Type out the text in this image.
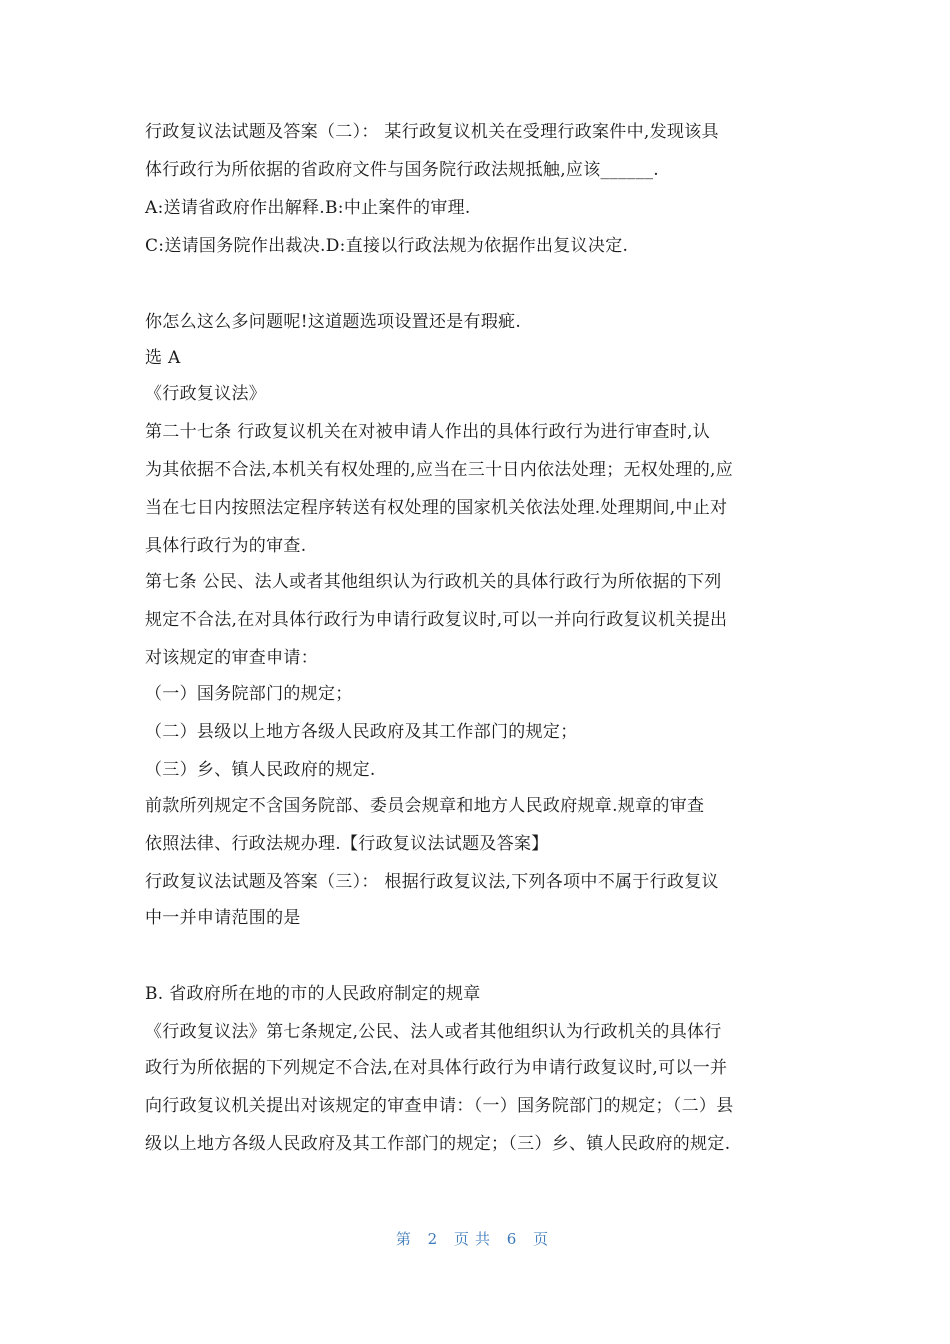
行政复议法试题及答案（二）： 某行政复议机关在受理行政案件中,发现该具
体行政行为所依据的省政府文件与国务院行政法规抵触,应该______.
A:送请省政府作出解释.B:中止案件的审理.
C:送请国务院作出裁决.D:直接以行政法规为依据作出复议决定.
你怎么这么多问题呢!这道题选项设置还是有瑕疵.
选 A
《行政复议法》
第二十七条 行政复议机关在对被申请人作出的具体行政行为进行审查时,认
为其依据不合法,本机关有权处理的,应当在三十日内依法处理；无权处理的,应
当在七日内按照法定程序转送有权处理的国家机关依法处理.处理期间,中止对
具体行政行为的审查.
第七条 公民、法人或者其他组织认为行政机关的具体行政行为所依据的下列
规定不合法,在对具体行政行为申请行政复议时,可以一并向行政复议机关提出
对该规定的审查申请：
（一）国务院部门的规定；
（二）县级以上地方各级人民政府及其工作部门的规定；
（三）乡、镇人民政府的规定.
前款所列规定不含国务院部、委员会规章和地方人民政府规章.规章的审查
依照法律、行政法规办理.【行政复议法试题及答案】
行政复议法试题及答案（三）： 根据行政复议法,下列各项中不属于行政复议
中一并申请范围的是
B. 省政府所在地的市的人民政府制定的规章
《行政复议法》第七条规定,公民、法人或者其他组织认为行政机关的具体行
政行为所依据的下列规定不合法,在对具体行政行为申请行政复议时,可以一并
向行政复议机关提出对该规定的审查申请：（一）国务院部门的规定；（二）县
级以上地方各级人民政府及其工作部门的规定；（三）乡、镇人民政府的规定.
第 2 页共 6 页
